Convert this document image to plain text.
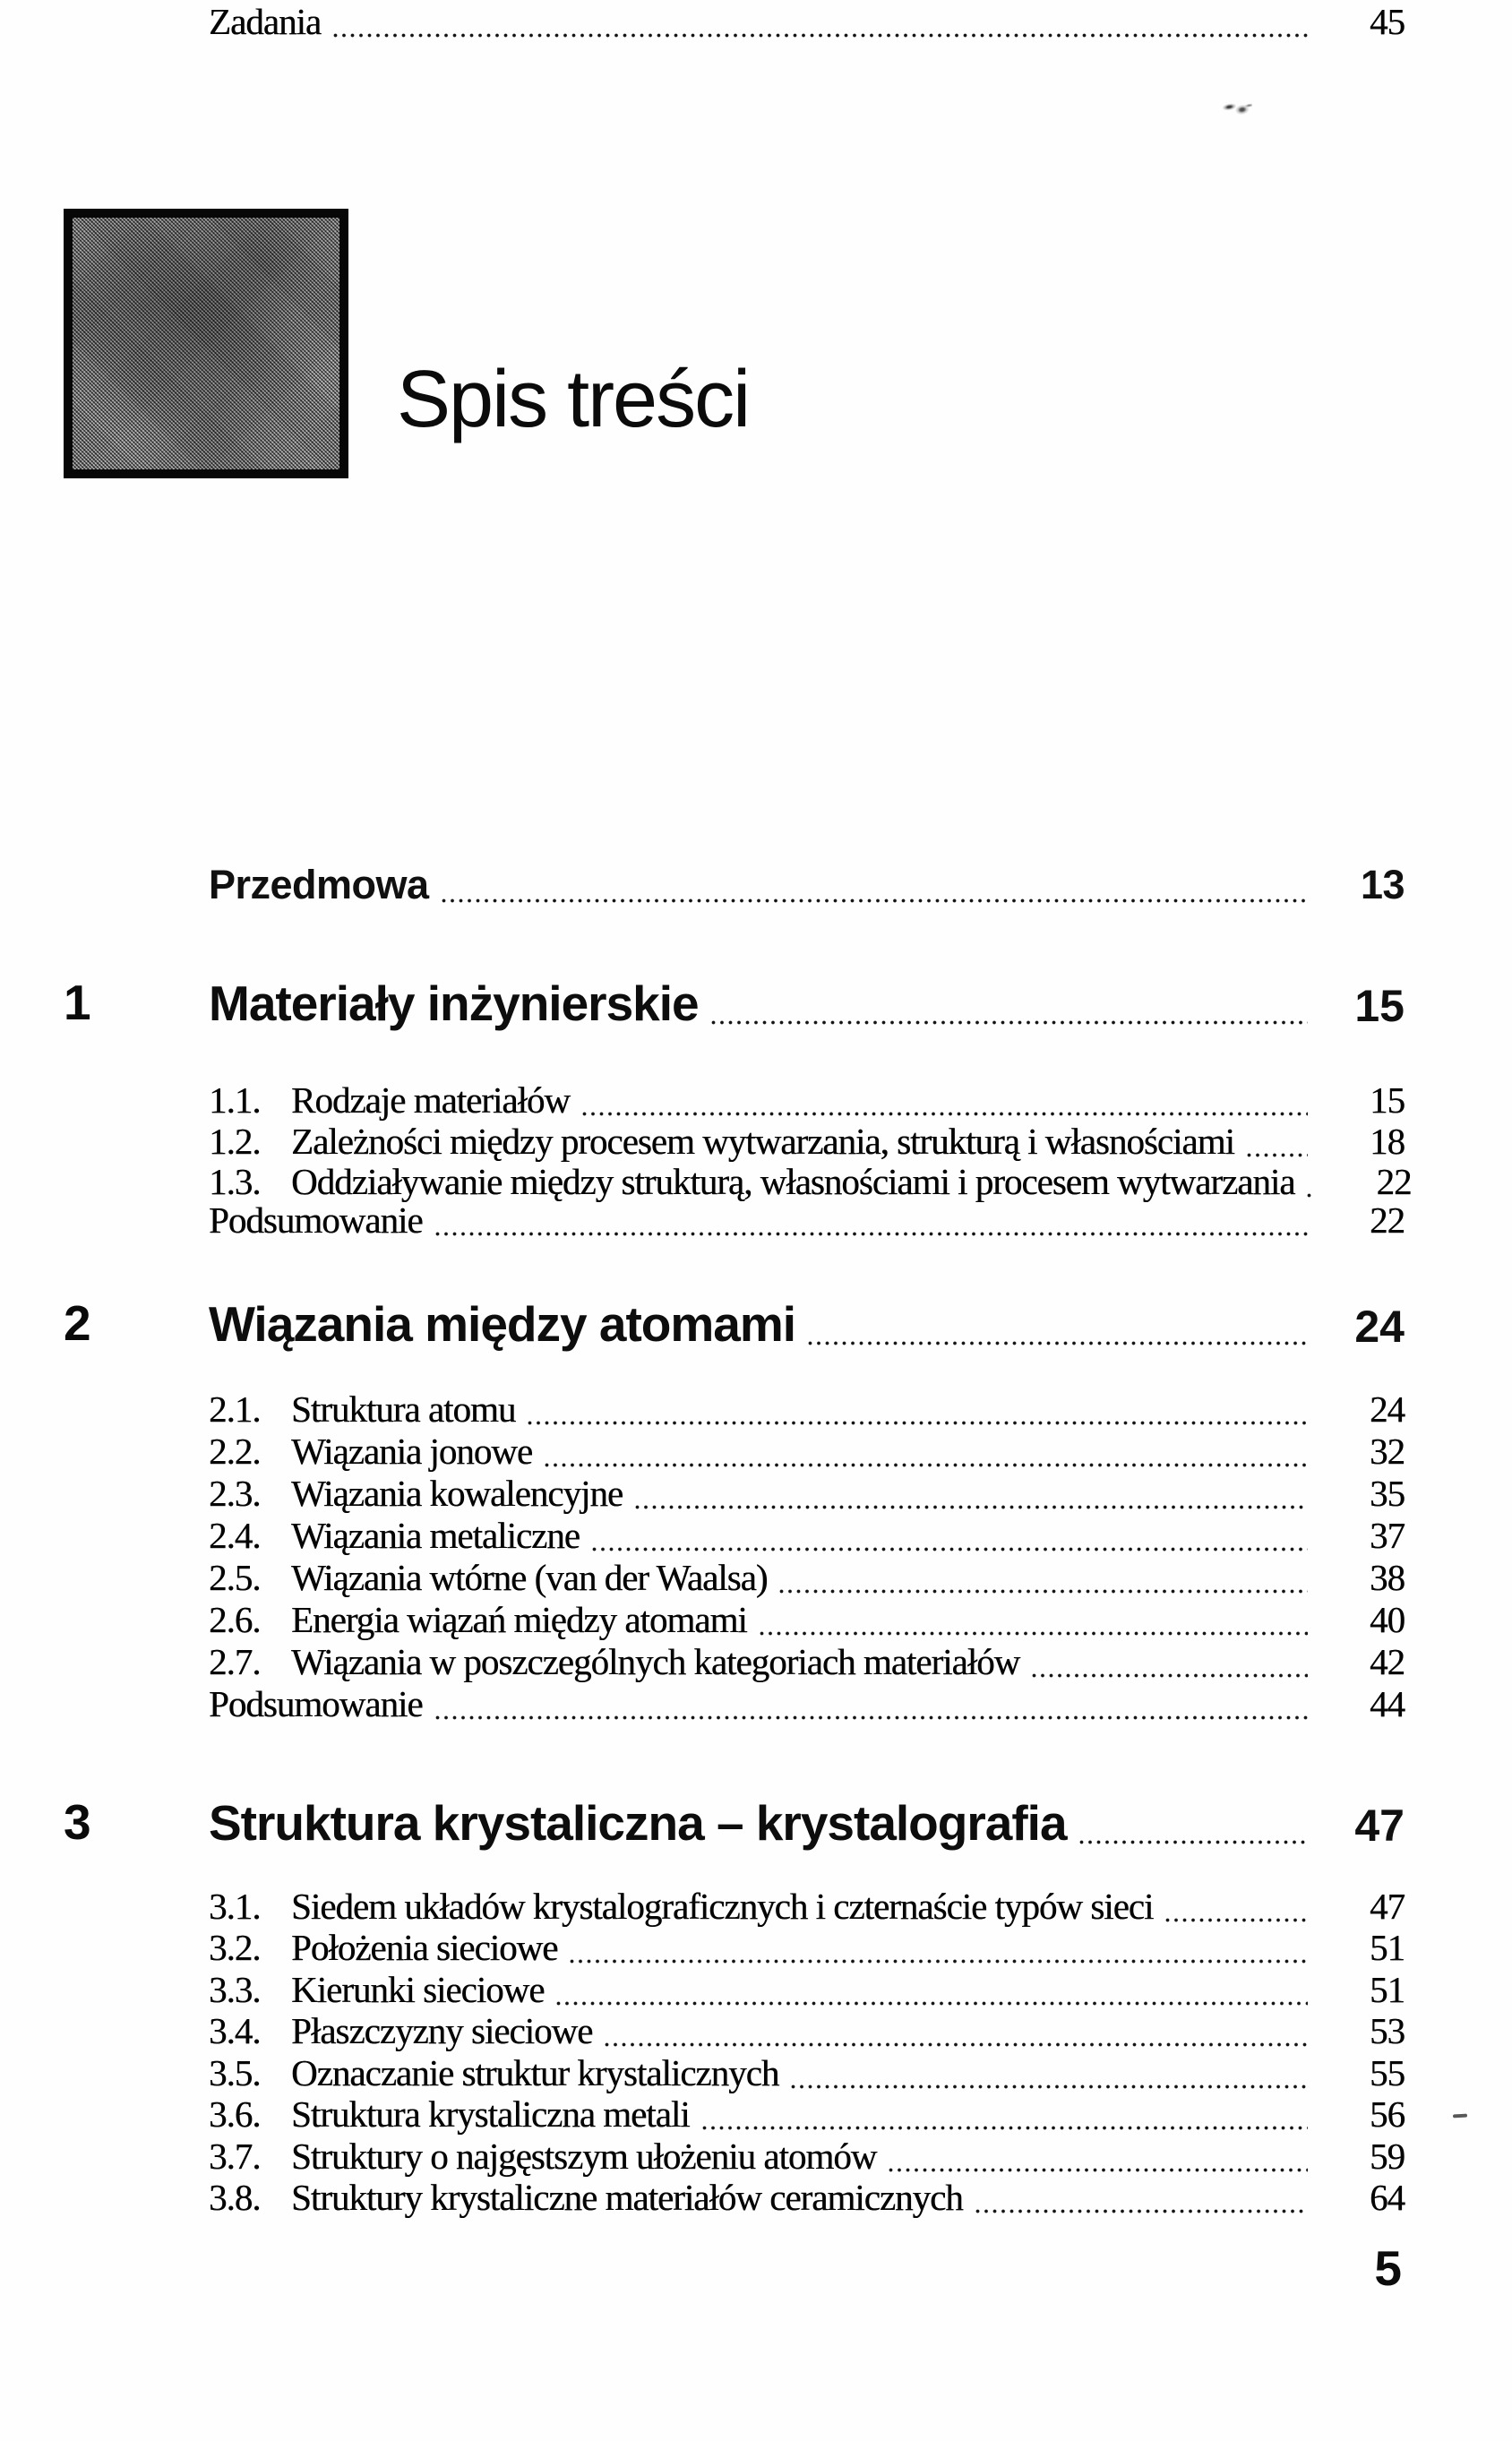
Spis treści
Przedmowa	13
1 Materiały inżynierskie	15
1.1. Rodzaje materiałów	15
1.2. Zależności między procesem wytwarzania, strukturą i własnościami	18
1.3. Oddziaływanie między strukturą, własnościami i procesem wytwarzania	22
Podsumowanie	22
2 Wiązania między atomami	24
2.1. Struktura atomu	24
2.2. Wiązania jonowe	32
2.3. Wiązania kowalencyjne	35
2.4. Wiązania metaliczne	37
2.5. Wiązania wtórne (van der Waalsa)	38
2.6. Energia wiązań między atomami	40
2.7. Wiązania w poszczególnych kategoriach materiałów	42
Podsumowanie	44
Zadania	45
3 Struktura krystaliczna – krystalografia	47
3.1. Siedem układów krystalograficznych i czternaście typów sieci	47
3.2. Położenia sieciowe	51
3.3. Kierunki sieciowe	51
3.4. Płaszczyzny sieciowe	53
3.5. Oznaczanie struktur krystalicznych	55
3.6. Struktura krystaliczna metali	56
3.7. Struktury o najgęstszym ułożeniu atomów	59
3.8. Struktury krystaliczne materiałów ceramicznych	64
5
